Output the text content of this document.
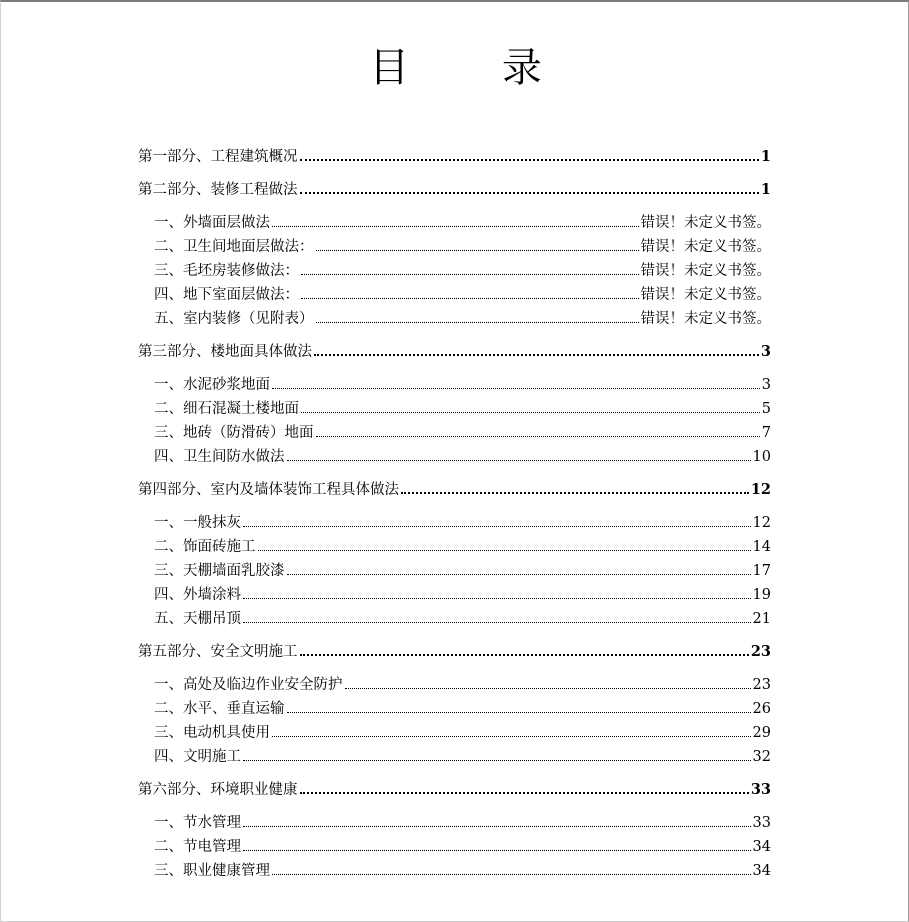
目 录
第一部分、工程建筑概况	1
第二部分、装修工程做法	1
一、外墙面层做法	错误！未定义书签。
二、卫生间地面层做法：	错误！未定义书签。
三、毛坯房装修做法：	错误！未定义书签。
四、地下室面层做法：	错误！未定义书签。
五、室内装修（见附表）	错误！未定义书签。
第三部分、楼地面具体做法	3
一、水泥砂浆地面	3
二、细石混凝土楼地面	5
三、地砖（防滑砖）地面	7
四、卫生间防水做法	10
第四部分、室内及墙体装饰工程具体做法	12
一、一般抹灰	12
二、饰面砖施工	14
三、天棚墙面乳胶漆	17
四、外墙涂料	19
五、天棚吊顶	21
第五部分、安全文明施工	23
一、高处及临边作业安全防护	23
二、水平、垂直运输	26
三、电动机具使用	29
四、文明施工	32
第六部分、环境职业健康	33
一、节水管理	33
二、节电管理	34
三、职业健康管理	34
